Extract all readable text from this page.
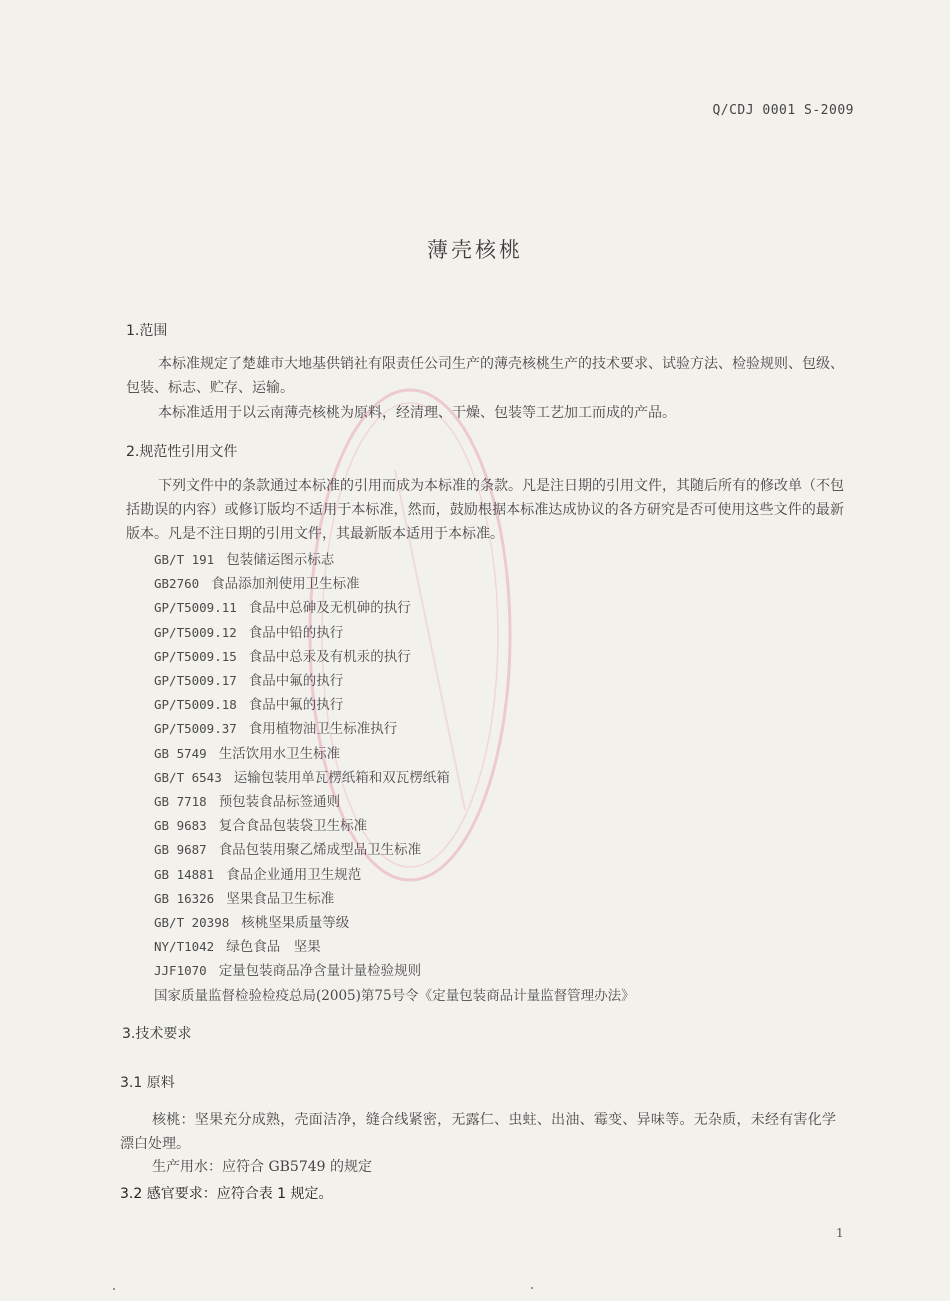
Q/CDJ 0001 S-2009
薄壳核桃
1.范围
本标准规定了楚雄市大地基供销社有限责任公司生产的薄壳核桃生产的技术要求、试验方法、检验规则、包级、包装、标志、贮存、运输。
本标准适用于以云南薄壳核桃为原料，经清理、干燥、包装等工艺加工而成的产品。
2.规范性引用文件
下列文件中的条款通过本标准的引用而成为本标准的条款。凡是注日期的引用文件，其随后所有的修改单（不包括勘误的内容）或修订版均不适用于本标准，然而，鼓励根据本标准达成协议的各方研究是否可使用这些文件的最新版本。凡是不注日期的引用文件，其最新版本适用于本标准。
GB/T 191 包装储运图示标志
GB2760 食品添加剂使用卫生标准
GP/T5009.11 食品中总砷及无机砷的执行
GP/T5009.12 食品中铅的执行
GP/T5009.15 食品中总汞及有机汞的执行
GP/T5009.17 食品中氟的执行
GP/T5009.18 食品中氟的执行
GP/T5009.37 食用植物油卫生标准执行
GB 5749 生活饮用水卫生标准
GB/T 6543 运输包装用单瓦楞纸箱和双瓦楞纸箱
GB 7718 预包装食品标签通则
GB 9683 复合食品包装袋卫生标准
GB 9687 食品包装用聚乙烯成型品卫生标准
GB 14881 食品企业通用卫生规范
GB 16326 坚果食品卫生标准
GB/T 20398 核桃坚果质量等级
NY/T1042 绿色食品　坚果
JJF1070 定量包装商品净含量计量检验规则
国家质量监督检验检疫总局(2005)第75号令《定量包装商品计量监督管理办法》
3.技术要求
3.1 原料
核桃：坚果充分成熟，壳面洁净，缝合线紧密，无露仁、虫蛀、出油、霉变、异味等。无杂质，未经有害化学漂白处理。
生产用水：应符合 GB5749 的规定
3.2 感官要求：应符合表 1 规定。
1
